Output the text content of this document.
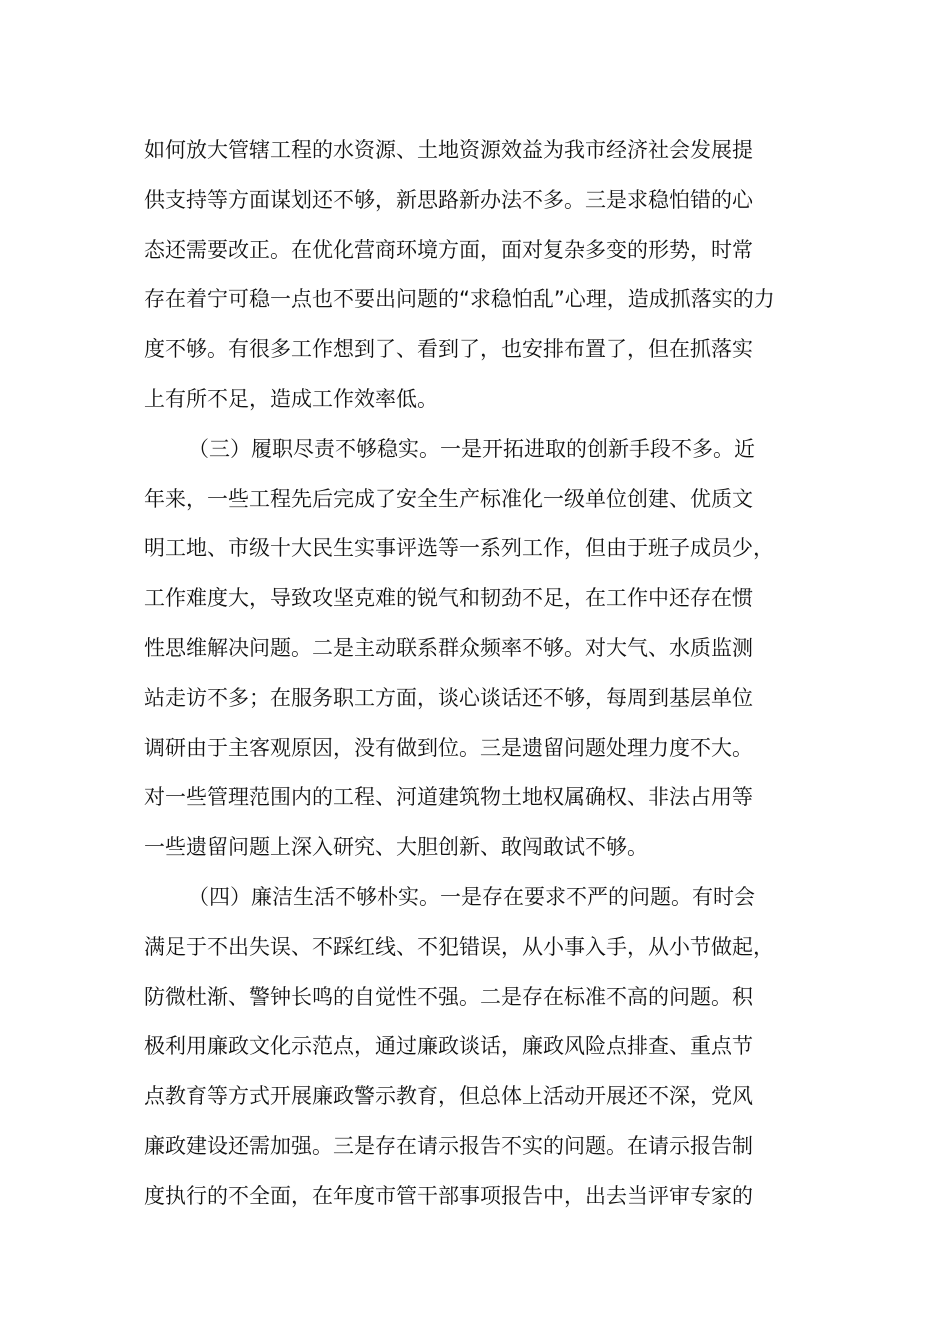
如何放大管辖工程的水资源、土地资源效益为我市经济社会发展提
供支持等方面谋划还不够，新思路新办法不多。三是求稳怕错的心
态还需要改正。在优化营商环境方面，面对复杂多变的形势，时常
存在着宁可稳一点也不要出问题的“求稳怕乱”心理，造成抓落实的力
度不够。有很多工作想到了、看到了，也安排布置了，但在抓落实
上有所不足，造成工作效率低。
（三）履职尽责不够稳实。一是开拓进取的创新手段不多。近
年来，一些工程先后完成了安全生产标准化一级单位创建、优质文
明工地、市级十大民生实事评选等一系列工作，但由于班子成员少，
工作难度大，导致攻坚克难的锐气和韧劲不足，在工作中还存在惯
性思维解决问题。二是主动联系群众频率不够。对大气、水质监测
站走访不多；在服务职工方面，谈心谈话还不够，每周到基层单位
调研由于主客观原因，没有做到位。三是遗留问题处理力度不大。
对一些管理范围内的工程、河道建筑物土地权属确权、非法占用等
一些遗留问题上深入研究、大胆创新、敢闯敢试不够。
（四）廉洁生活不够朴实。一是存在要求不严的问题。有时会
满足于不出失误、不踩红线、不犯错误，从小事入手，从小节做起，
防微杜渐、警钟长鸣的自觉性不强。二是存在标准不高的问题。积
极利用廉政文化示范点，通过廉政谈话，廉政风险点排查、重点节
点教育等方式开展廉政警示教育，但总体上活动开展还不深，党风
廉政建设还需加强。三是存在请示报告不实的问题。在请示报告制
度执行的不全面，在年度市管干部事项报告中，出去当评审专家的
